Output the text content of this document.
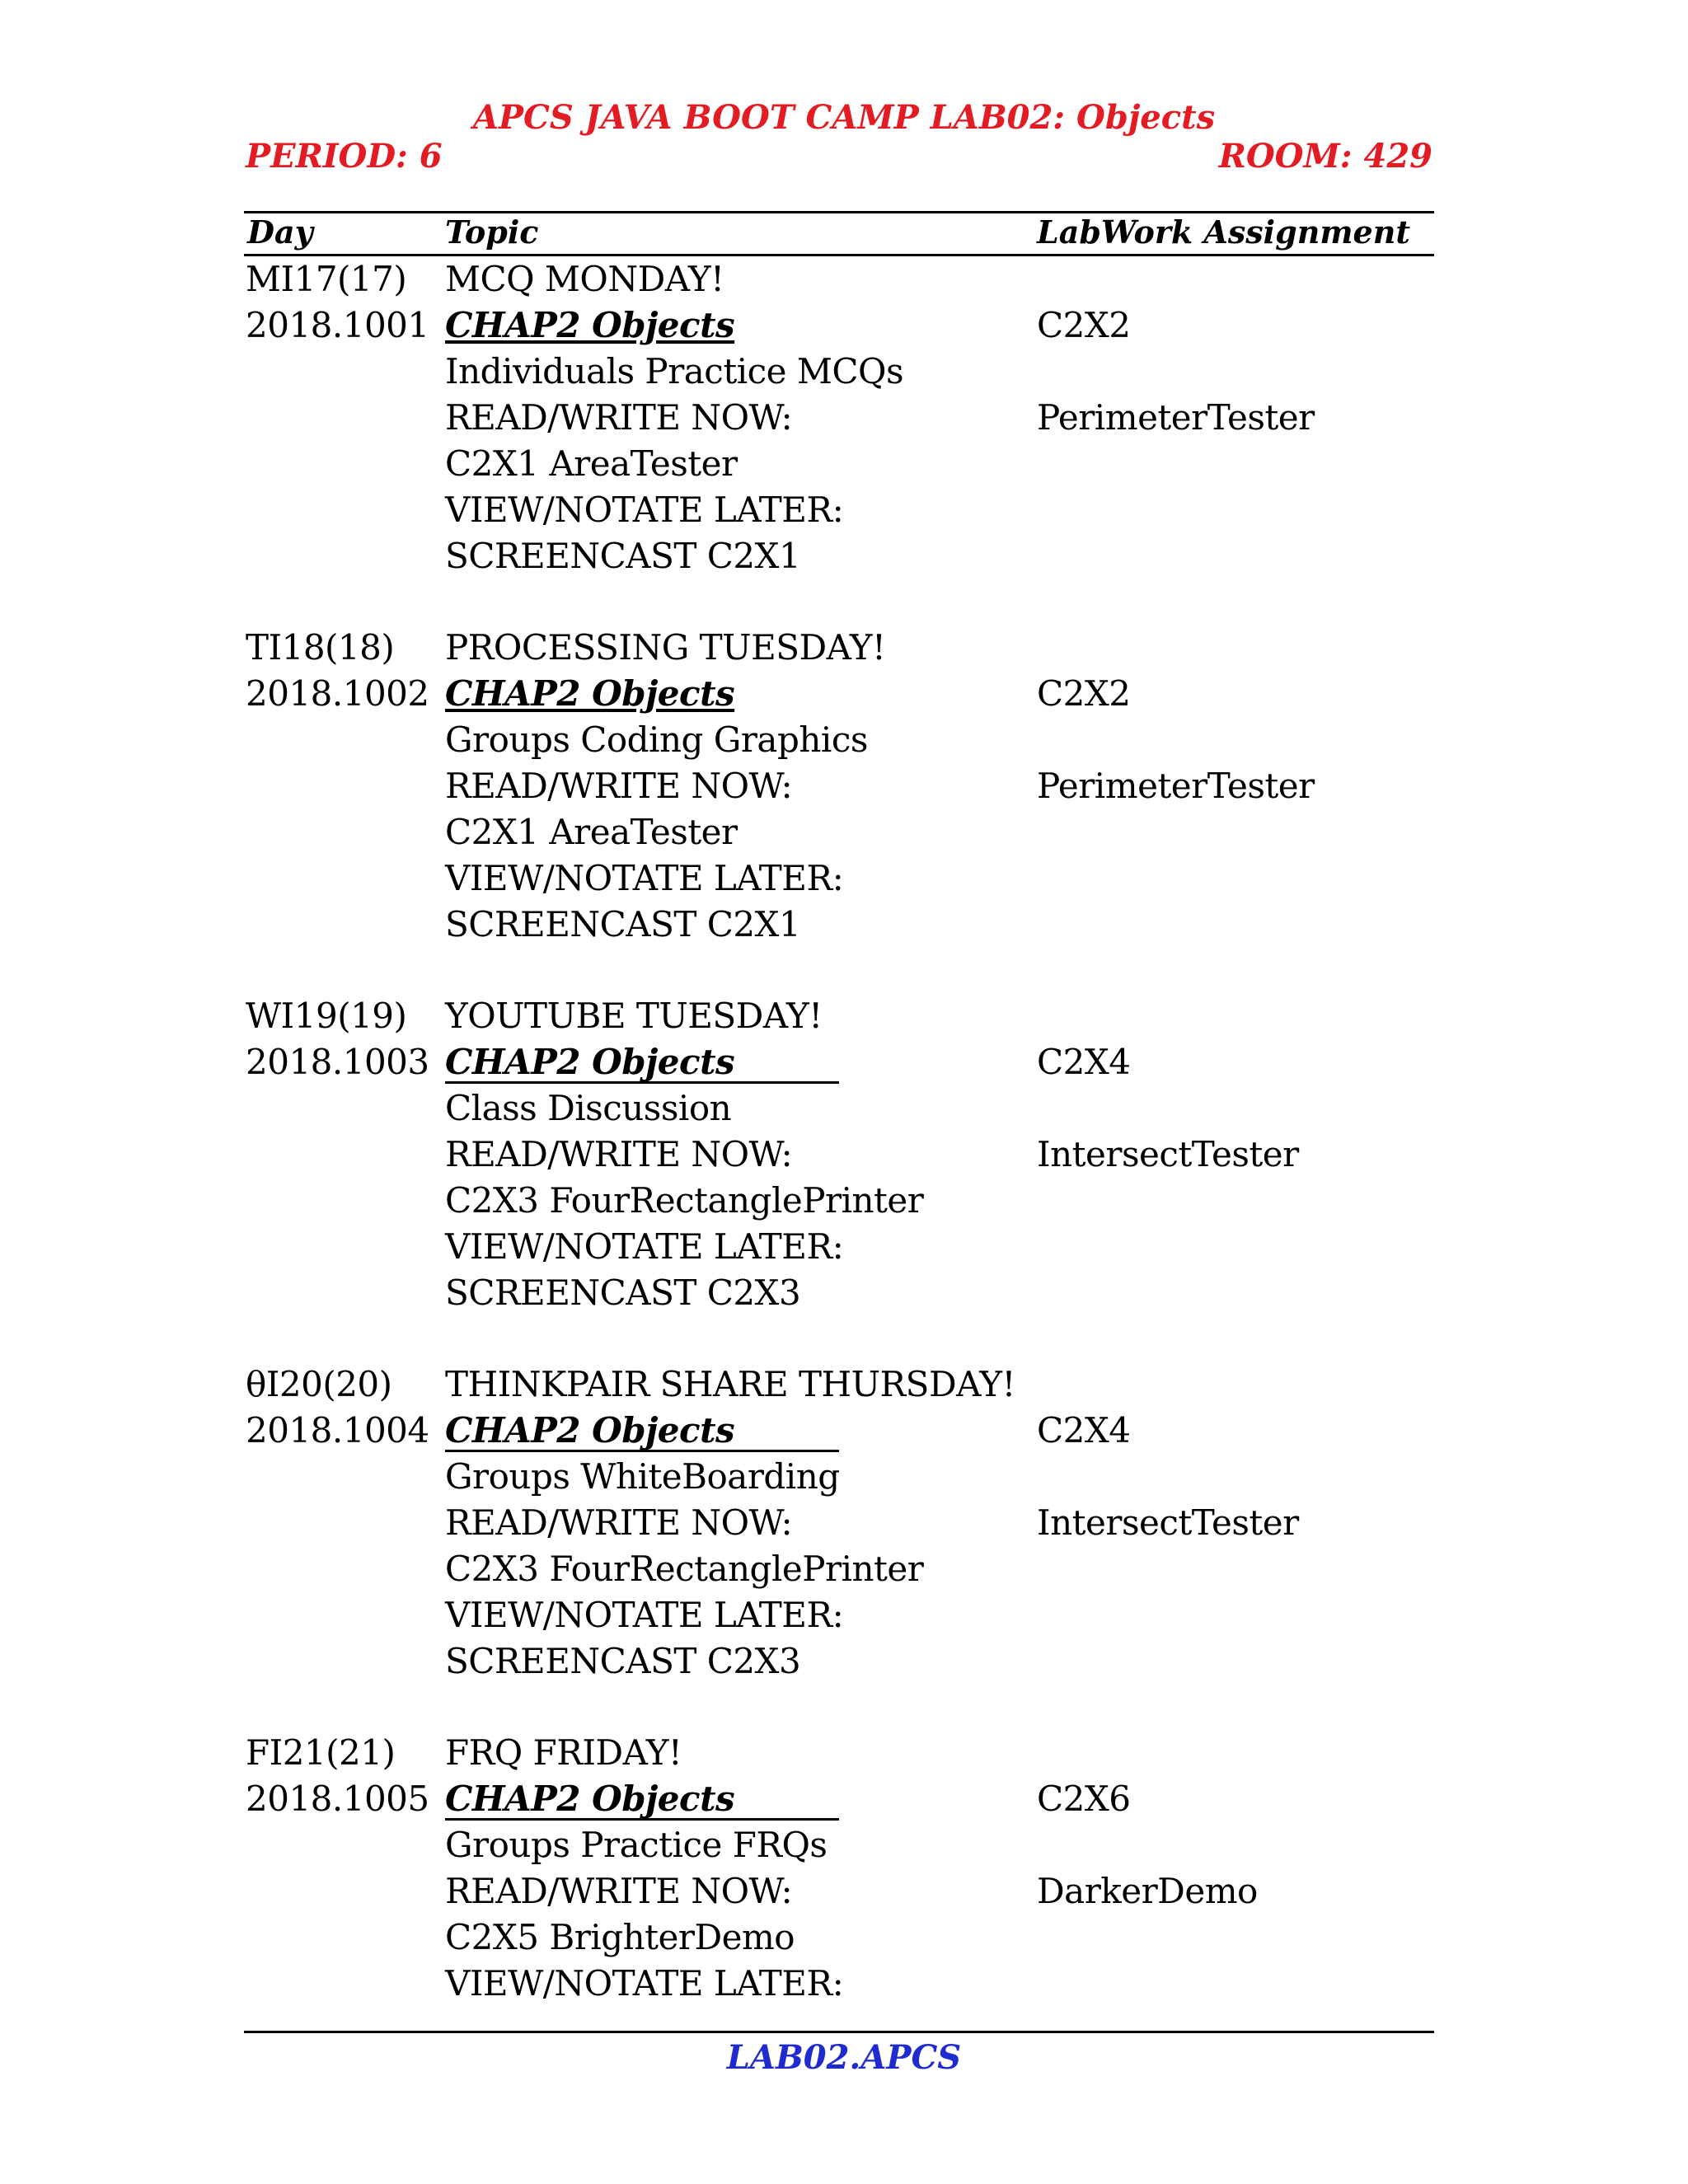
APCS JAVA BOOT CAMP LAB02: Objects
PERIOD: 6	ROOM: 429
Day	Topic	LabWork Assignment
MI17(17) MCQ MONDAY!
2018.1001 CHAP2 Objects	C2X2
Individuals Practice MCQs
READ/WRITE NOW:	PerimeterTester
C2X1 AreaTester
VIEW/NOTATE LATER:
SCREENCAST C2X1
TI18(18) PROCESSING TUESDAY!
2018.1002 CHAP2 Objects	C2X2
Groups Coding Graphics
READ/WRITE NOW:	PerimeterTester
C2X1 AreaTester
VIEW/NOTATE LATER:
SCREENCAST C2X1
WI19(19) YOUTUBE TUESDAY!
2018.1003 CHAP2 Objects	C2X4
Class Discussion
READ/WRITE NOW:	IntersectTester
C2X3 FourRectanglePrinter
VIEW/NOTATE LATER:
SCREENCAST C2X3
θI20(20) THINKPAIR SHARE THURSDAY!
2018.1004 CHAP2 Objects	C2X4
Groups WhiteBoarding
READ/WRITE NOW:	IntersectTester
C2X3 FourRectanglePrinter
VIEW/NOTATE LATER:
SCREENCAST C2X3
FI21(21) FRQ FRIDAY!
2018.1005 CHAP2 Objects	C2X6
Groups Practice FRQs
READ/WRITE NOW:	DarkerDemo
C2X5 BrighterDemo
VIEW/NOTATE LATER:
LAB02.APCS
